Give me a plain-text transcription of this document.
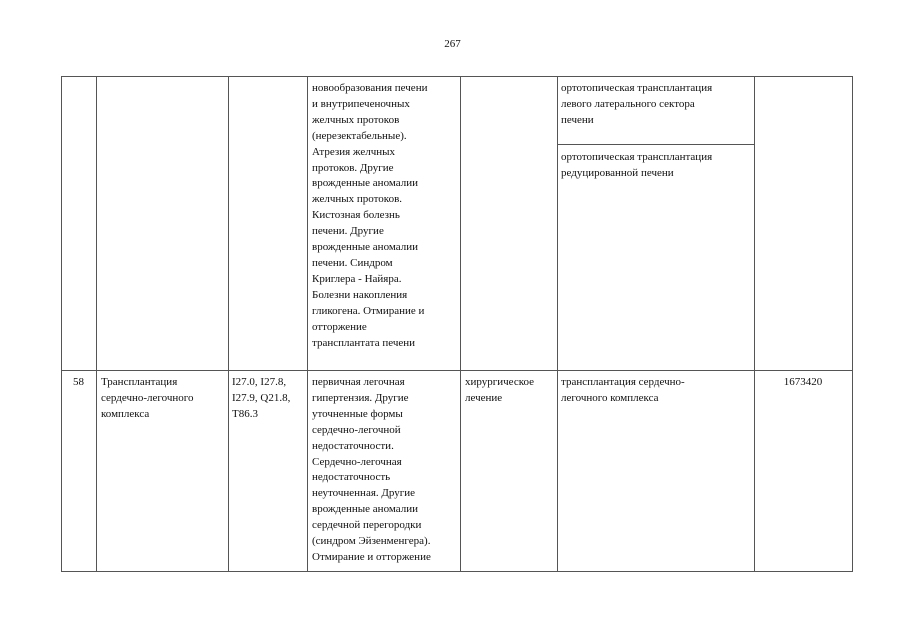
267
новообразования печени
и внутрипеченочных
желчных протоков
(нерезектабельные).
Атрезия желчных
протоков. Другие
врожденные аномалии
желчных протоков.
Кистозная болезнь
печени. Другие
врожденные аномалии
печени. Синдром
Криглера - Найяра.
Болезни накопления
гликогена. Отмирание и
отторжение
трансплантата печени
ортотопическая трансплантация
левого латерального сектора
печени
ортотопическая трансплантация
редуцированной печени
58	Трансплантация
сердечно-легочного
комплекса
I27.0, I27.8,
I27.9, Q21.8,
T86.3
первичная легочная
гипертензия. Другие
уточненные формы
сердечно-легочной
недостаточности.
Сердечно-легочная
недостаточность
неуточненная. Другие
врожденные аномалии
сердечной перегородки
(синдром Эйзенменгера).
Отмирание и отторжение
хирургическое
лечение
трансплантация сердечно-
легочного комплекса
1673420
